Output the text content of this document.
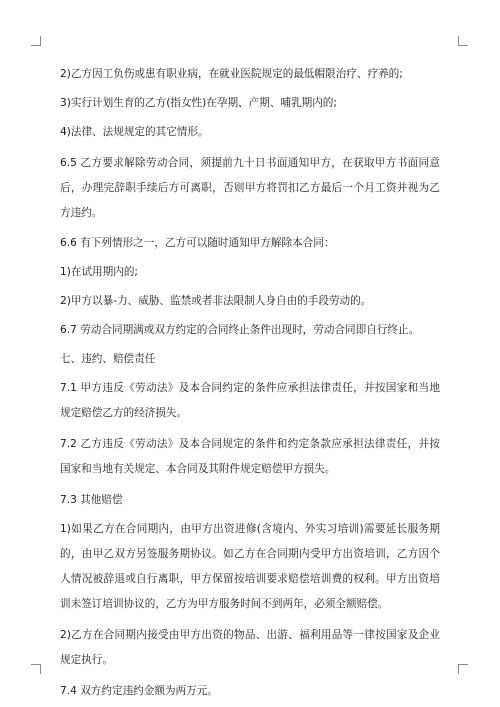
2)乙方因工负伤或患有职业病，在就业医院规定的最低帽限治疗、疗养的;

3)实行计划生育的乙方(指女性)在孕期、产期、哺乳期内的;

4)法律、法规规定的其它情形。

6.5 乙方要求解除劳动合同，须提前九十日书面通知甲方，在获取甲方书面同意后，办理完辞职手续后方可离职，否则甲方将罚扣乙方最后一个月工资并视为乙方违约。

6.6 有下列情形之一，乙方可以随时通知甲方解除本合同：

1)在试用期内的;

2)甲方以暴-力、威胁、监禁或者非法限制人身自由的手段劳动的。

6.7 劳动合同期满或双方约定的合同终止条件出现时，劳动合同即自行终止。

七、违约、赔偿责任

7.1 甲方违反《劳动法》及本合同约定的条件应承担法律责任，并按国家和当地规定赔偿乙方的经济损失。

7.2 乙方违反《劳动法》及本合同规定的条件和约定条款应承担法律责任，并按国家和当地有关规定、本合同及其附件规定赔偿甲方损失。

7.3 其他赔偿

1)如果乙方在合同期内，由甲方出资进修(含境内、外实习培训)需要延长服务期的，由甲乙双方另签服务期协议。如乙方在合同期内受甲方出资培训，乙方因个人情况被辞退或自行离职，甲方保留按培训要求赔偿培训费的权利。甲方出资培训未签订培训协议的，乙方为甲方服务时间不到两年，必须全额赔偿。

2)乙方在合同期内接受由甲方出资的物品、出游、福利用品等一律按国家及企业规定执行。

7.4 双方约定违约金额为两万元。
